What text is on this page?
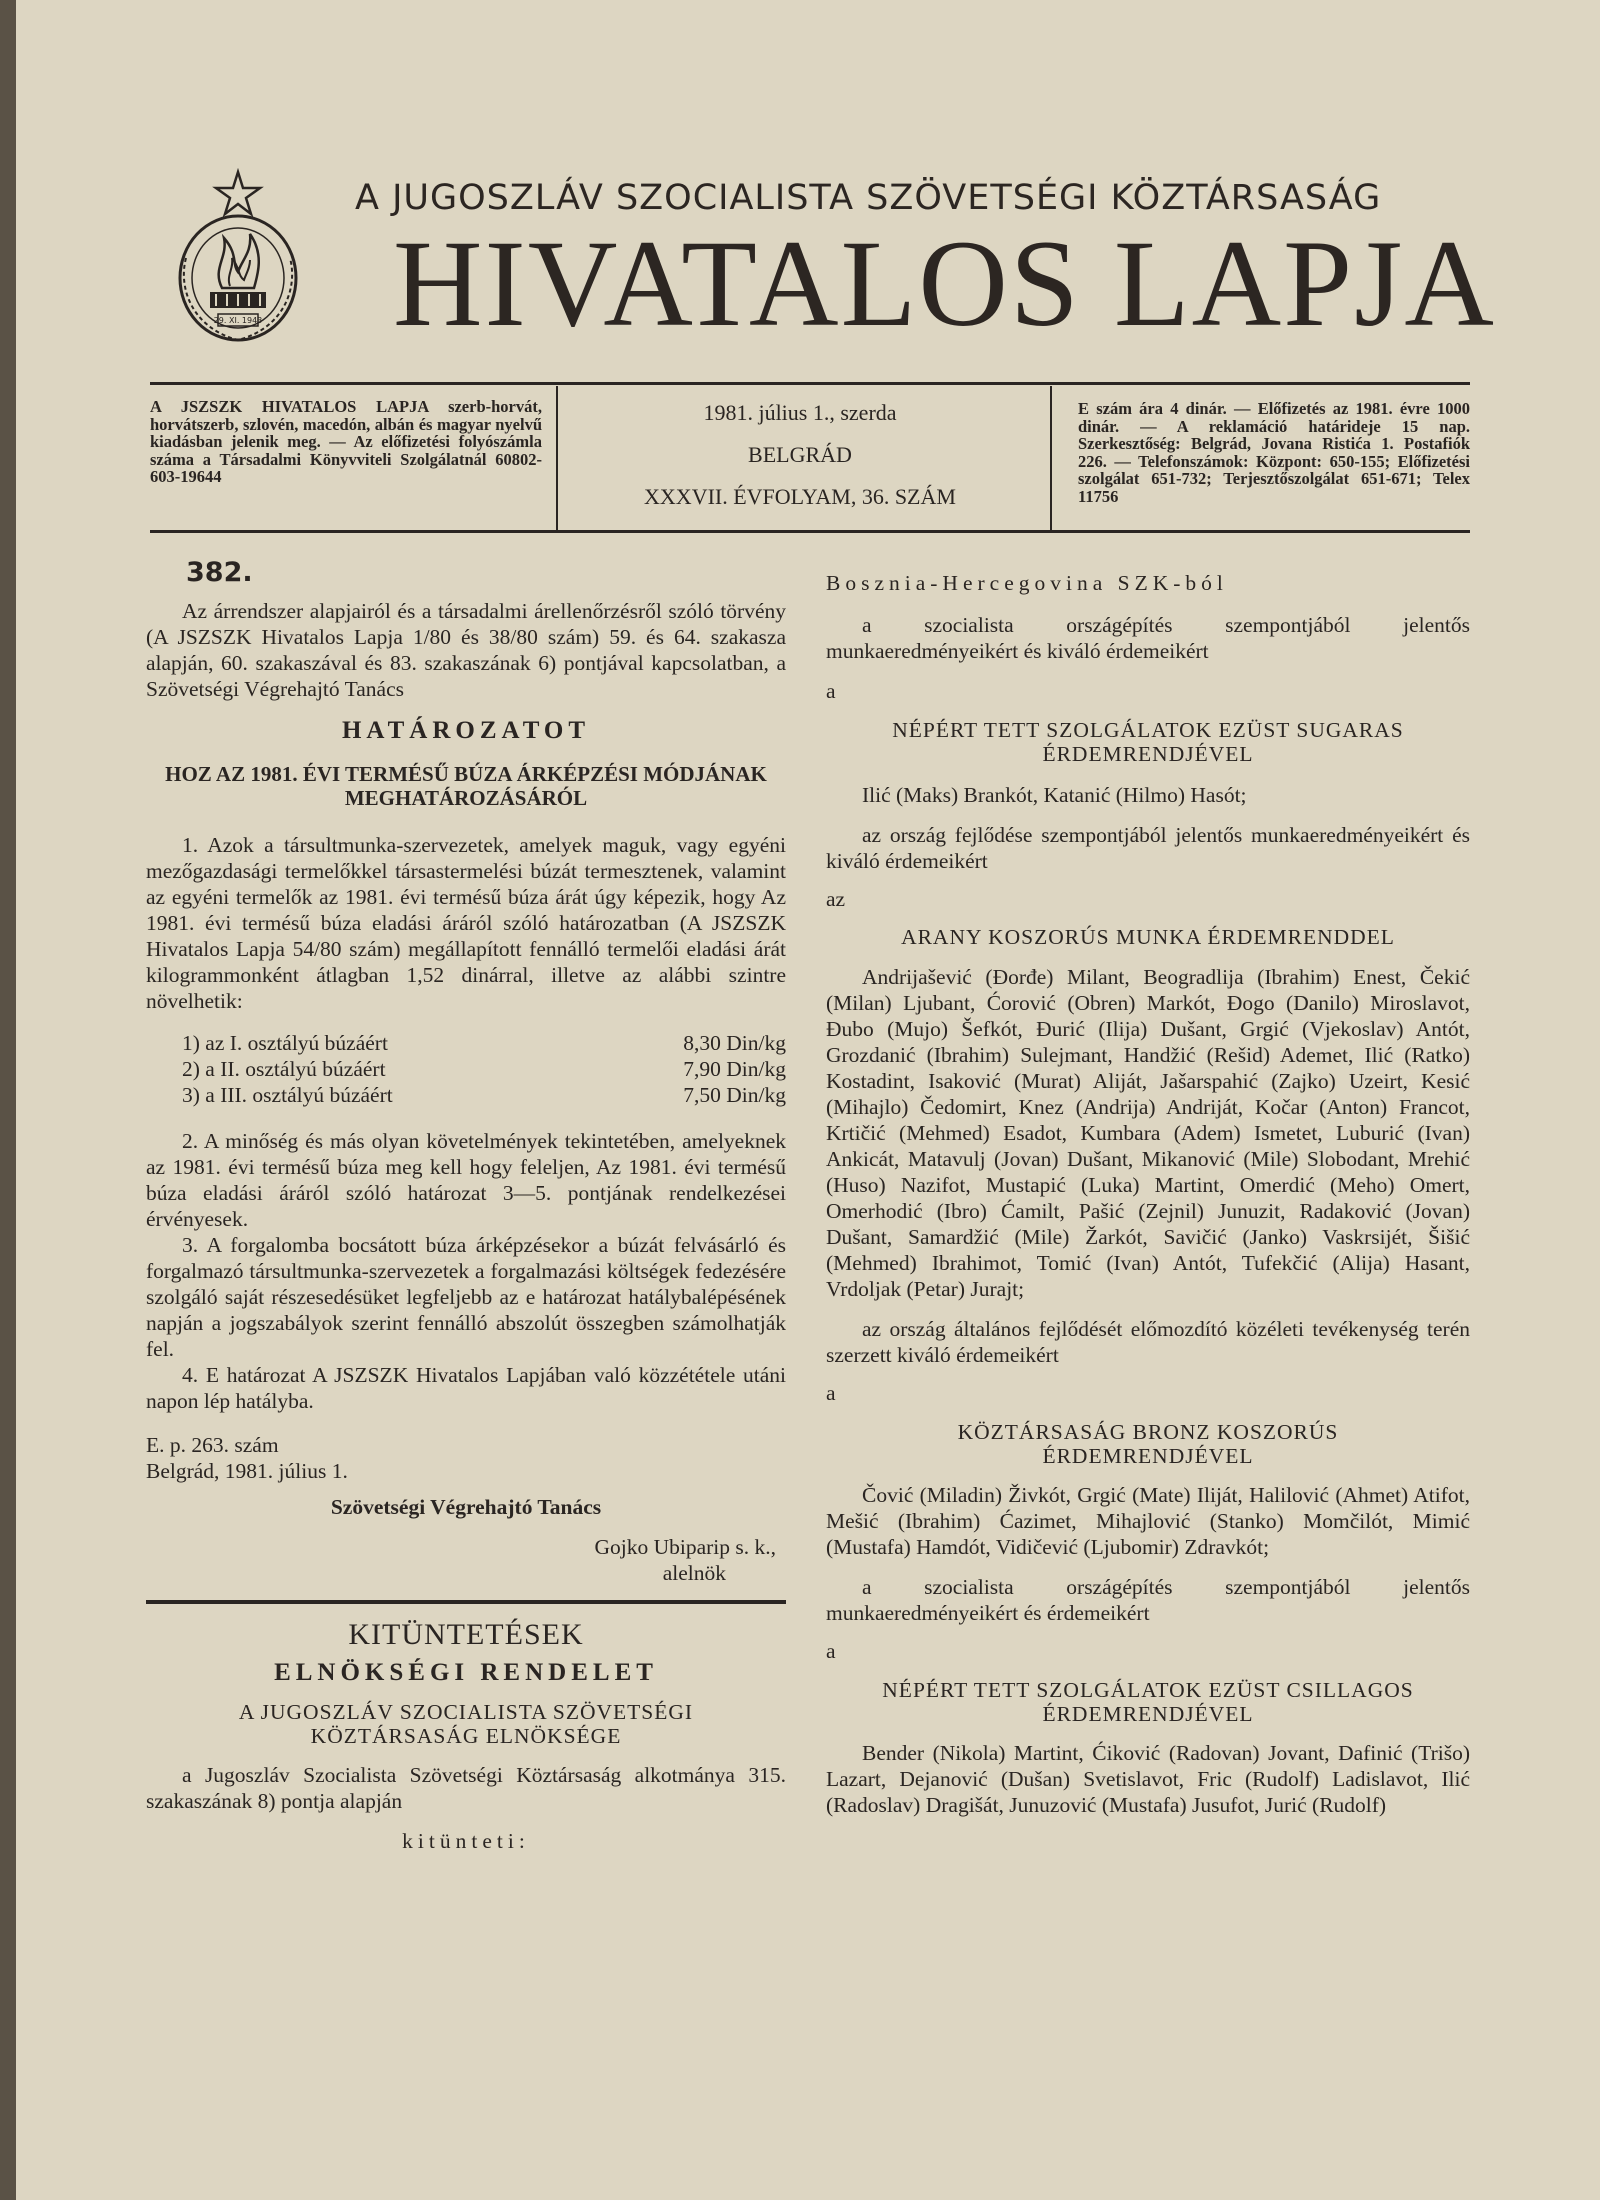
29. XI. 1943
A JUGOSZLÁV SZOCIALISTA SZÖVETSÉGI KÖZTÁRSASÁG
HIVATALOS LAPJA
A JSZSZK HIVATALOS LAPJA szerb-horvát, horvátszerb, szlovén, macedón, albán és magyar nyelvű kiadásban jelenik meg. — Az előfizetési folyószámla száma a Társadalmi Könyvviteli Szolgálatnál 60802-603-19644
1981. július 1., szerda
BELGRÁD
XXXVII. ÉVFOLYAM, 36. SZÁM
E szám ára 4 dinár. — Előfizetés az 1981. évre 1000 dinár. — A reklamáció határideje 15 nap. Szerkesztőség: Belgrád, Jovana Ristića 1. Postafiók 226. — Telefonszámok: Központ: 650-155; Előfizetési szolgálat 651-732; Terjesztőszolgálat 651-671; Telex 11756
382.

Az árrendszer alapjairól és a társadalmi árellenőrzésről szóló törvény (A JSZSZK Hivatalos Lapja 1/80 és 38/80 szám) 59. és 64. szakasza alapján, 60. szakaszával és 83. szakaszának 6) pontjával kapcsolatban, a Szövetségi Végrehajtó Tanács

HATÁROZATOT
HOZ AZ 1981. ÉVI TERMÉSŰ BÚZA ÁRKÉPZÉSI MÓDJÁNAK MEGHATÁROZÁSÁRÓL

1. Azok a társultmunka-szervezetek, amelyek maguk, vagy egyéni mezőgazdasági termelőkkel társastermelési búzát termesztenek, valamint az egyéni termelők az 1981. évi termésű búza árát úgy képezik, hogy Az 1981. évi termésű búza eladási áráról szóló határozatban (A JSZSZK Hivatalos Lapja 54/80 szám) megállapított fennálló termelői eladási árát kilogrammonként átlagban 1,52 dinárral, illetve az alábbi szintre növelhetik:

1) az I. osztályú búzáért	8,30 Din/kg
2) a II. osztályú búzáért	7,90 Din/kg
3) a III. osztályú búzáért	7,50 Din/kg

2. A minőség és más olyan követelmények tekintetében, amelyeknek az 1981. évi termésű búza meg kell hogy feleljen, Az 1981. évi termésű búza eladási áráról szóló határozat 3—5. pontjának rendelkezései érvényesek.

3. A forgalomba bocsátott búza árképzésekor a búzát felvásárló és forgalmazó társultmunka-szervezetek a forgalmazási költségek fedezésére szolgáló saját részesedésüket legfeljebb az e határozat hatálybalépésének napján a jogszabályok szerint fennálló abszolút összegben számolhatják fel.

4. E határozat A JSZSZK Hivatalos Lapjában való közzététele utáni napon lép hatályba.

E. p. 263. szám
Belgrád, 1981. július 1.
Szövetségi Végrehajtó Tanács
Gojko Ubiparip s. k.,
alelnök
KITÜNTETÉSEK
ELNÖKSÉGI RENDELET
A JUGOSZLÁV SZOCIALISTA SZÖVETSÉGI KÖZTÁRSASÁG ELNÖKSÉGE

a Jugoszláv Szocialista Szövetségi Köztársaság alkotmánya 315. szakaszának 8) pontja alapján

kitünteti:
Bosznia-Hercegovina SZK-ból

a szocialista országépítés szempontjából jelentős munkaeredményeikért és kiváló érdemeikért

a
NÉPÉRT TETT SZOLGÁLATOK EZÜST SUGARAS ÉRDEMRENDJÉVEL

Ilić (Maks) Brankót, Katanić (Hilmo) Hasót;

az ország fejlődése szempontjából jelentős munkaeredményeikért és kiváló érdemeikért

az
ARANY KOSZORÚS MUNKA ÉRDEMRENDDEL

Andrijašević (Đorđe) Milant, Beogradlija (Ibrahim) Enest, Čekić (Milan) Ljubant, Ćorović (Obren) Markót, Đogo (Danilo) Miroslavot, Đubo (Mujo) Šefkót, Đurić (Ilija) Dušant, Grgić (Vjekoslav) Antót, Grozdanić (Ibrahim) Sulejmant, Handžić (Rešid) Ademet, Ilić (Ratko) Kostadint, Isaković (Murat) Aliját, Jašarspahić (Zajko) Uzeirt, Kesić (Mihajlo) Čedomirt, Knez (Andrija) Andriját, Kočar (Anton) Francot, Krtičić (Mehmed) Esadot, Kumbara (Adem) Ismetet, Luburić (Ivan) Ankicát, Matavulj (Jovan) Dušant, Mikanović (Mile) Slobodant, Mrehić (Huso) Nazifot, Mustapić (Luka) Martint, Omerdić (Meho) Omert, Omerhodić (Ibro) Ćamilt, Pašić (Zejnil) Junuzit, Radaković (Jovan) Dušant, Samardžić (Mile) Žarkót, Savičić (Janko) Vaskrsijét, Šišić (Mehmed) Ibrahimot, Tomić (Ivan) Antót, Tufekčić (Alija) Hasant, Vrdoljak (Petar) Jurajt;

az ország általános fejlődését előmozdító közéleti tevékenység terén szerzett kiváló érdemeikért

a
KÖZTÁRSASÁG BRONZ KOSZORÚS ÉRDEMRENDJÉVEL

Čović (Miladin) Živkót, Grgić (Mate) Iliját, Halilović (Ahmet) Atifot, Mešić (Ibrahim) Ćazimet, Mihajlović (Stanko) Momčilót, Mimić (Mustafa) Hamdót, Vidičević (Ljubomir) Zdravkót;

a szocialista országépítés szempontjából jelentős munkaeredményeikért és érdemeikért

a
NÉPÉRT TETT SZOLGÁLATOK EZÜST CSILLAGOS ÉRDEMRENDJÉVEL

Bender (Nikola) Martint, Ćiković (Radovan) Jovant, Dafinić (Trišo) Lazart, Dejanović (Dušan) Svetislavot, Fric (Rudolf) Ladislavot, Ilić (Radoslav) Dragišát, Junuzović (Mustafa) Jusufot, Jurić (Rudolf)
